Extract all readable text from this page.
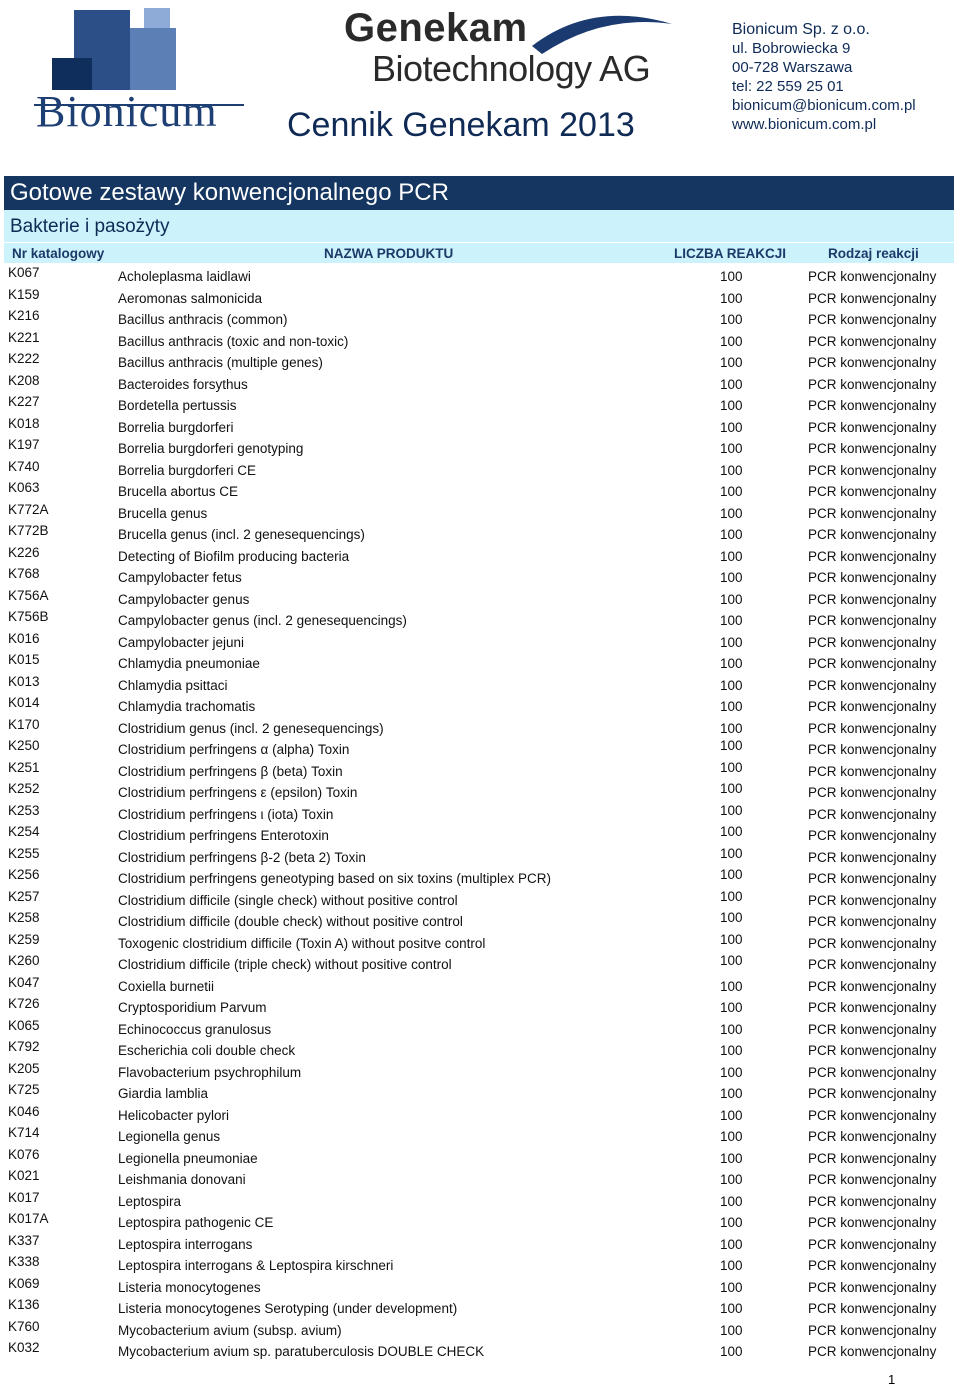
Bionicum
Genekam
Biotechnology AG
Cennik Genekam 2013
Bionicum Sp. z o.o.
ul. Bobrowiecka 9
00-728 Warszawa
tel: 22 559 25 01
bionicum@bionicum.com.pl
www.bionicum.com.pl
Gotowe zestawy konwencjonalnego PCR
Bakterie i pasożyty
Nr katalogowy	NAZWA PRODUKTU	LICZBA REAKCJI	Rodzaj reakcji
K067	Acholeplasma laidlawi	100	PCR konwencjonalny
K159	Aeromonas salmonicida	100	PCR konwencjonalny
K216	Bacillus anthracis (common)	100	PCR konwencjonalny
K221	Bacillus anthracis (toxic and non-toxic)	100	PCR konwencjonalny
K222	Bacillus anthracis (multiple genes)	100	PCR konwencjonalny
K208	Bacteroides forsythus	100	PCR konwencjonalny
K227	Bordetella pertussis	100	PCR konwencjonalny
K018	Borrelia burgdorferi	100	PCR konwencjonalny
K197	Borrelia burgdorferi genotyping	100	PCR konwencjonalny
K740	Borrelia burgdorferi CE	100	PCR konwencjonalny
K063	Brucella abortus CE	100	PCR konwencjonalny
K772A	Brucella genus	100	PCR konwencjonalny
K772B	Brucella genus (incl. 2 genesequencings)	100	PCR konwencjonalny
K226	Detecting of Biofilm producing bacteria	100	PCR konwencjonalny
K768	Campylobacter fetus	100	PCR konwencjonalny
K756A	Campylobacter genus	100	PCR konwencjonalny
K756B	Campylobacter genus (incl. 2 genesequencings)	100	PCR konwencjonalny
K016	Campylobacter jejuni	100	PCR konwencjonalny
K015	Chlamydia pneumoniae	100	PCR konwencjonalny
K013	Chlamydia psittaci	100	PCR konwencjonalny
K014	Chlamydia trachomatis	100	PCR konwencjonalny
K170	Clostridium genus (incl. 2 genesequencings)	100	PCR konwencjonalny
K250	Clostridium perfringens α (alpha) Toxin	100	PCR konwencjonalny
K251	Clostridium perfringens β (beta) Toxin	100	PCR konwencjonalny
K252	Clostridium perfringens ε (epsilon) Toxin	100	PCR konwencjonalny
K253	Clostridium perfringens ι (iota) Toxin	100	PCR konwencjonalny
K254	Clostridium perfringens Enterotoxin	100	PCR konwencjonalny
K255	Clostridium perfringens β-2 (beta 2) Toxin	100	PCR konwencjonalny
K256	Clostridium perfringens geneotyping based on six toxins (multiplex PCR)	100	PCR konwencjonalny
K257	Clostridium difficile (single check) without positive control	100	PCR konwencjonalny
K258	Clostridium difficile (double check) without positive control	100	PCR konwencjonalny
K259	Toxogenic clostridium difficile (Toxin A) without positve control	100	PCR konwencjonalny
K260	Clostridium difficile (triple check) without positive control	100	PCR konwencjonalny
K047	Coxiella burnetii	100	PCR konwencjonalny
K726	Cryptosporidium Parvum	100	PCR konwencjonalny
K065	Echinococcus granulosus	100	PCR konwencjonalny
K792	Escherichia coli double check	100	PCR konwencjonalny
K205	Flavobacterium psychrophilum	100	PCR konwencjonalny
K725	Giardia lamblia	100	PCR konwencjonalny
K046	Helicobacter pylori	100	PCR konwencjonalny
K714	Legionella genus	100	PCR konwencjonalny
K076	Legionella pneumoniae	100	PCR konwencjonalny
K021	Leishmania donovani	100	PCR konwencjonalny
K017	Leptospira	100	PCR konwencjonalny
K017A	Leptospira pathogenic CE	100	PCR konwencjonalny
K337	Leptospira interrogans	100	PCR konwencjonalny
K338	Leptospira interrogans & Leptospira kirschneri	100	PCR konwencjonalny
K069	Listeria monocytogenes	100	PCR konwencjonalny
K136	Listeria monocytogenes Serotyping (under development)	100	PCR konwencjonalny
K760	Mycobacterium avium (subsp. avium)	100	PCR konwencjonalny
K032	Mycobacterium avium sp. paratuberculosis DOUBLE CHECK	100	PCR konwencjonalny
1
